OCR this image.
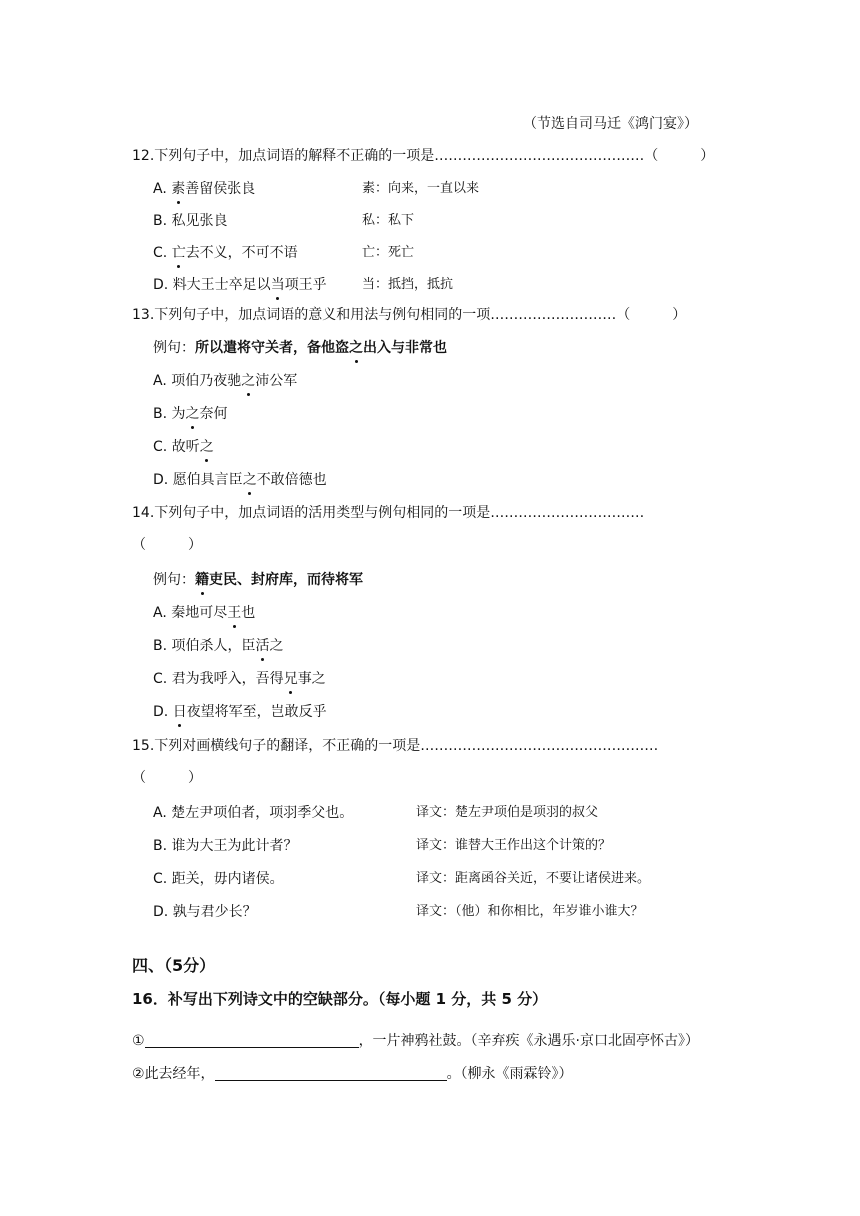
（节选自司马迁《鸿门宴》）
12.下列句子中，加点词语的解释不正确的一项是………………………………………（　　　）
A. 素善留侯张良	素：向来，一直以来
B. 私见张良	私：私下
C. 亡去不义，不可不语	亡：死亡
D. 料大王士卒足以当项王乎	当：抵挡，抵抗
13.下列句子中，加点词语的意义和用法与例句相同的一项………………………（　　　）
例句：所以遣将守关者，备他盗之出入与非常也
A. 项伯乃夜驰之沛公军
B. 为之奈何
C. 故听之
D. 愿伯具言臣之不敢倍德也
14.下列句子中，加点词语的活用类型与例句相同的一项是……………………………
（　　　）
例句：籍吏民、封府库，而待将军
A. 秦地可尽王也
B. 项伯杀人，臣活之
C. 君为我呼入，吾得兄事之
D. 日夜望将军至，岂敢反乎
15.下列对画横线句子的翻译，不正确的一项是……………………………………………
（　　　）
A. 楚左尹项伯者，项羽季父也。	译文：楚左尹项伯是项羽的叔父
B. 谁为大王为此计者？	译文：谁替大王作出这个计策的？
C. 距关，毋内诸侯。	译文：距离函谷关近，不要让诸侯进来。
D. 孰与君少长？	译文：（他）和你相比，年岁谁小谁大？
四、（5分）
16．补写出下列诗文中的空缺部分。（每小题 1 分，共 5 分）
①	，一片神鸦社鼓。（辛弃疾《永遇乐·京口北固亭怀古》）
②此去经年，	。（柳永《雨霖铃》）
